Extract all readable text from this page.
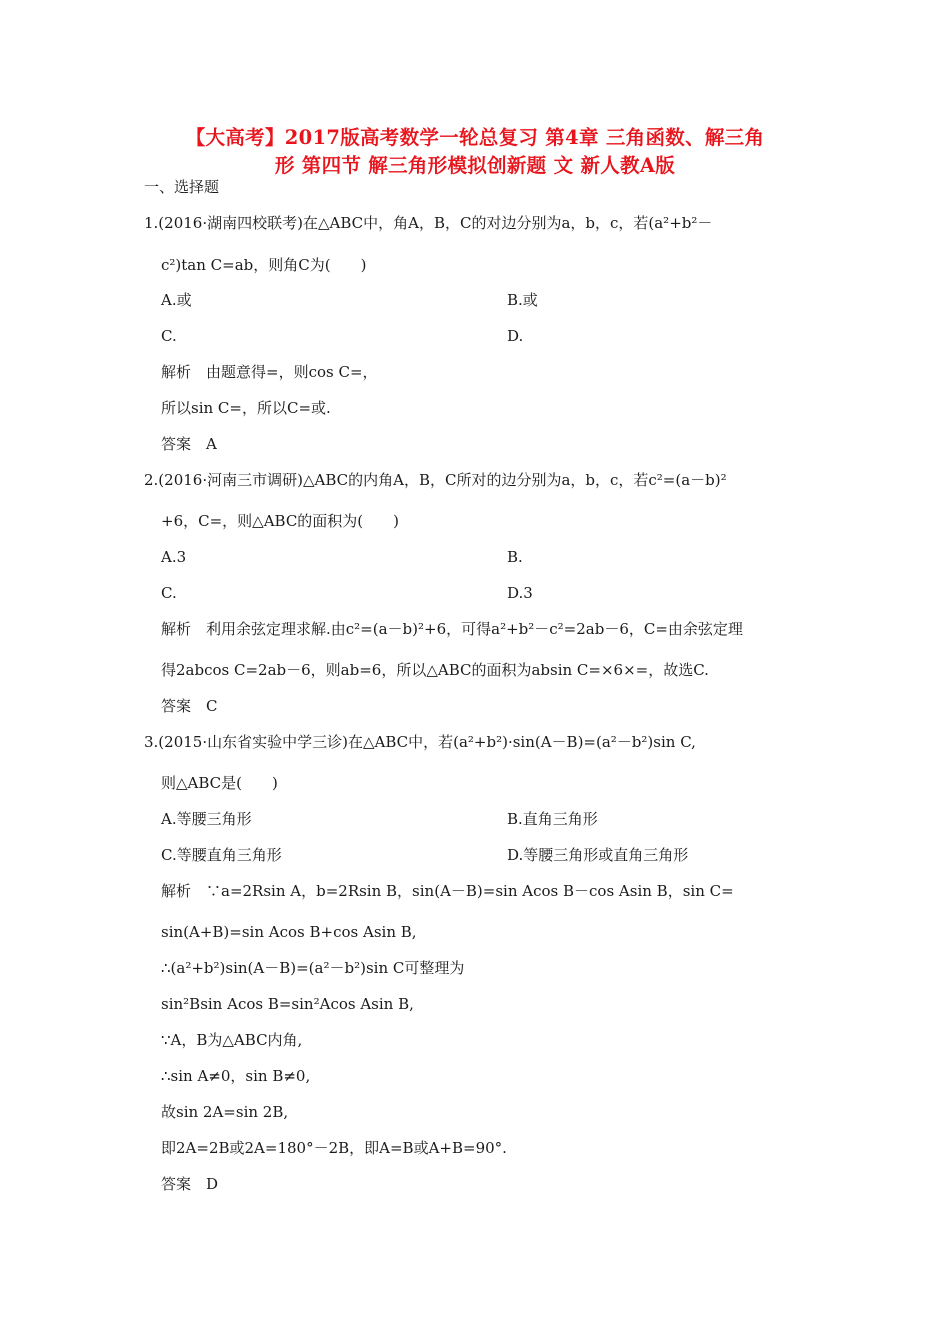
【大高考】2017版高考数学一轮总复习 第4章 三角函数、解三角
形 第四节 解三角形模拟创新题 文 新人教A版
一、选择题
1.(2016·湖南四校联考)在△ABC中，角A，B，C的对边分别为a，b，c，若(a²+b²－
c²)tan C=ab，则角C为(　　)
A.或	B.或
C.	D.
解析　由题意得=，则cos C=，
所以sin C=，所以C=或.
答案　A
2.(2016·河南三市调研)△ABC的内角A，B，C所对的边分别为a，b，c，若c²=(a－b)²
+6，C=，则△ABC的面积为(　　)
A.3	B.
C.	D.3
解析　利用余弦定理求解.由c²=(a－b)²+6，可得a²+b²－c²=2ab－6，C=由余弦定理
得2abcos C=2ab－6，则ab=6，所以△ABC的面积为absin C=×6×=，故选C.
答案　C
3.(2015·山东省实验中学三诊)在△ABC中，若(a²+b²)·sin(A－B)=(a²－b²)sin C,
则△ABC是(　　)
A.等腰三角形	B.直角三角形
C.等腰直角三角形	D.等腰三角形或直角三角形
解析　∵a=2Rsin A，b=2Rsin B，sin(A－B)=sin Acos B－cos Asin B，sin C=
sin(A+B)=sin Acos B+cos Asin B,
∴(a²+b²)sin(A－B)=(a²－b²)sin C可整理为
sin²Bsin Acos B=sin²Acos Asin B,
∵A，B为△ABC内角,
∴sin A≠0，sin B≠0,
故sin 2A=sin 2B,
即2A=2B或2A=180°－2B，即A=B或A+B=90°.
答案　D
